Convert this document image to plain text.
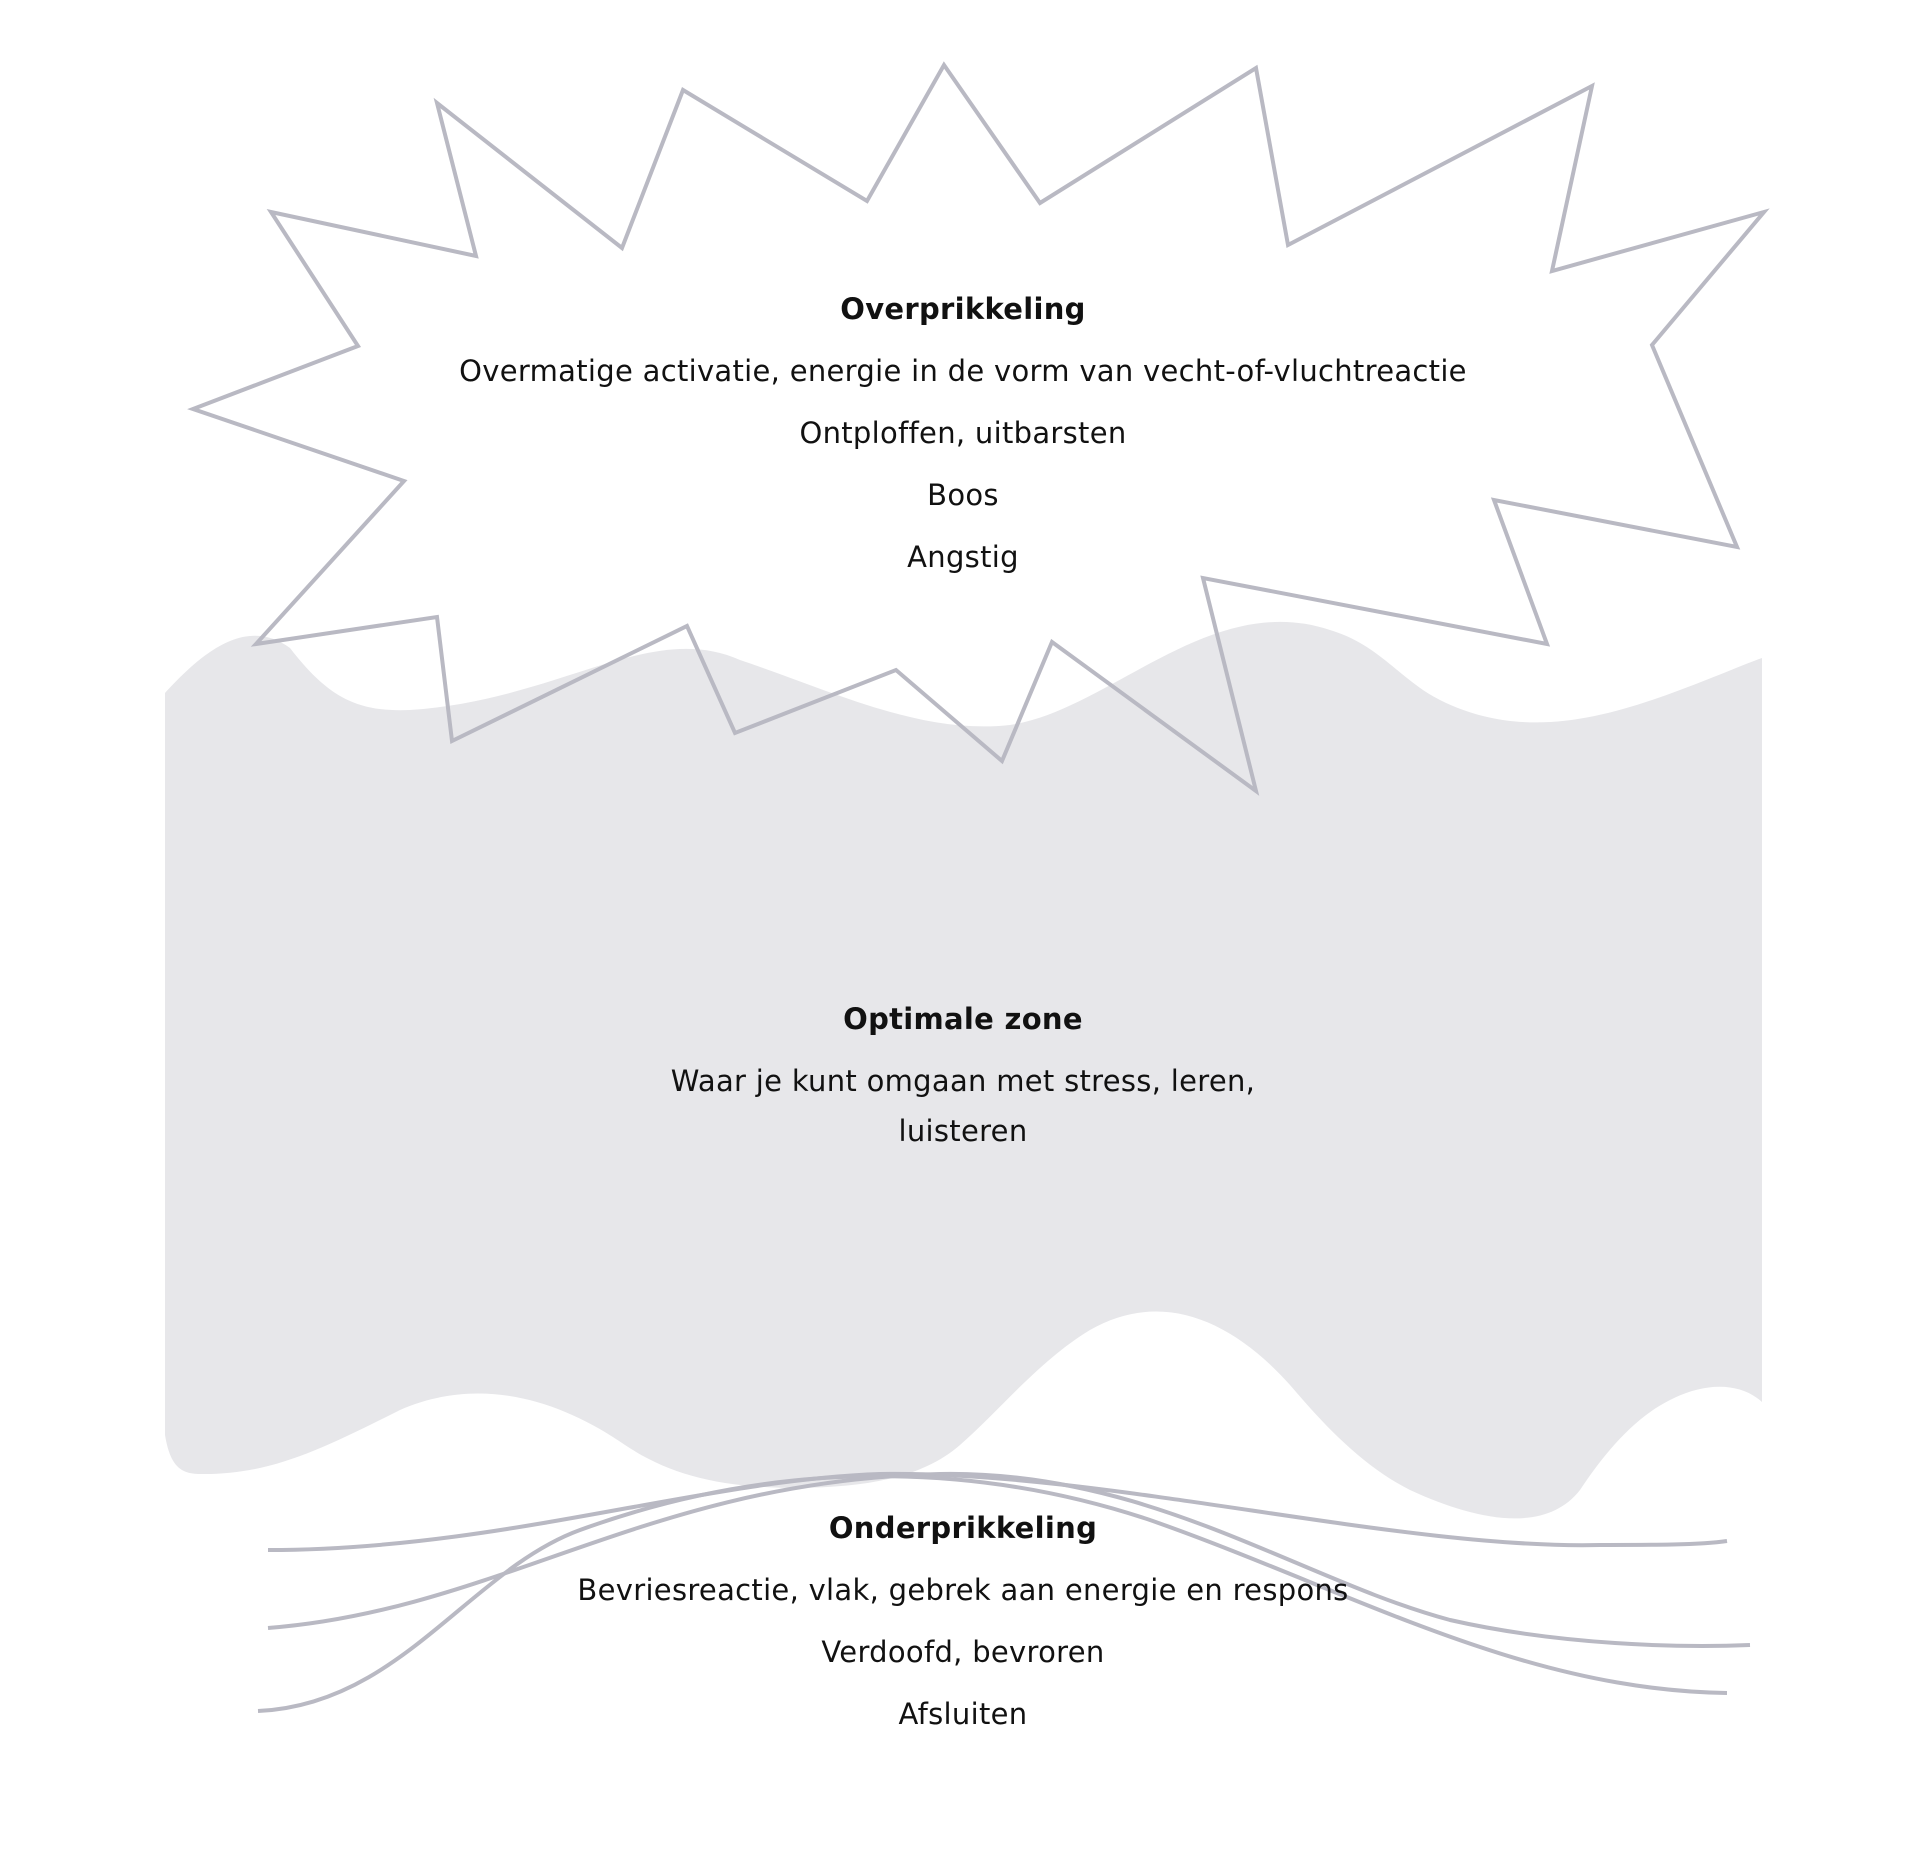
Overprikkeling
Overmatige activatie, energie in de vorm van vecht-of-vluchtreactie
Ontploffen, uitbarsten
Boos
Angstig
Optimale zone
Waar je kunt omgaan met stress, leren,
luisteren
Onderprikkeling
Bevriesreactie, vlak, gebrek aan energie en respons
Verdoofd, bevroren
Afsluiten
